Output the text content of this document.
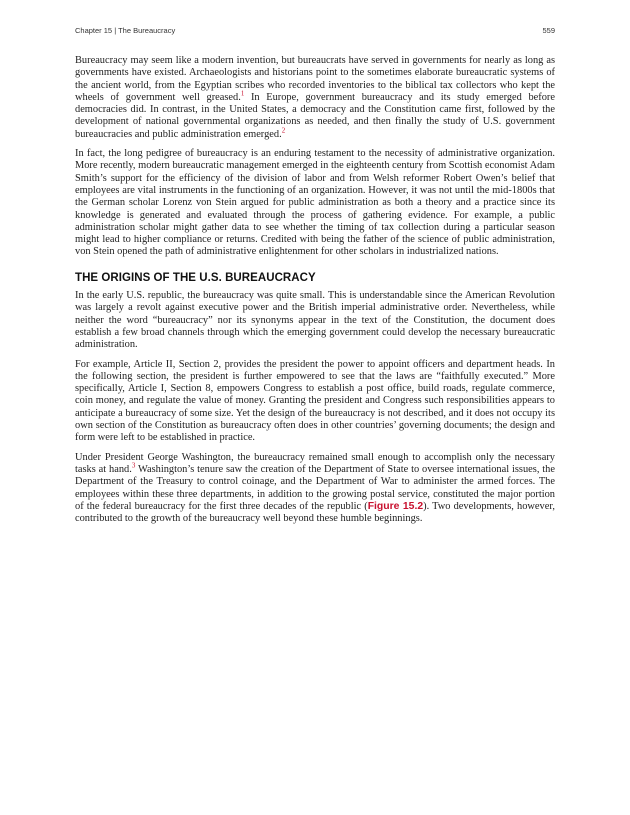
Chapter 15 | The Bureaucracy	559

Bureaucracy may seem like a modern invention, but bureaucrats have served in governments for nearly as long as governments have existed. Archaeologists and historians point to the sometimes elaborate bureaucratic systems of the ancient world, from the Egyptian scribes who recorded inventories to the biblical tax collectors who kept the wheels of government well greased.$^1$ In Europe, government bureaucracy and its study emerged before democracies did. In contrast, in the United States, a democracy and the Constitution came first, followed by the development of national governmental organizations as needed, and then finally the study of U.S. government bureaucracies and public administration emerged.$^2$

In fact, the long pedigree of bureaucracy is an enduring testament to the necessity of administrative organization. More recently, modern bureaucratic management emerged in the eighteenth century from Scottish economist Adam Smith’s support for the efficiency of the division of labor and from Welsh reformer Robert Owen’s belief that employees are vital instruments in the functioning of an organization. However, it was not until the mid-1800s that the German scholar Lorenz von Stein argued for public administration as both a theory and a practice since its knowledge is generated and evaluated through the process of gathering evidence. For example, a public administration scholar might gather data to see whether the timing of tax collection during a particular season might lead to higher compliance or returns. Credited with being the father of the science of public administration, von Stein opened the path of administrative enlightenment for other scholars in industrialized nations.

THE ORIGINS OF THE U.S. BUREAUCRACY

In the early U.S. republic, the bureaucracy was quite small. This is understandable since the American Revolution was largely a revolt against executive power and the British imperial administrative order. Nevertheless, while neither the word “bureaucracy” nor its synonyms appear in the text of the Constitution, the document does establish a few broad channels through which the emerging government could develop the necessary bureaucratic administration.

For example, Article II, Section 2, provides the president the power to appoint officers and department heads. In the following section, the president is further empowered to see that the laws are “faithfully executed.” More specifically, Article I, Section 8, empowers Congress to establish a post office, build roads, regulate commerce, coin money, and regulate the value of money. Granting the president and Congress such responsibilities appears to anticipate a bureaucracy of some size. Yet the design of the bureaucracy is not described, and it does not occupy its own section of the Constitution as bureaucracy often does in other countries’ governing documents; the design and form were left to be established in practice.

Under President George Washington, the bureaucracy remained small enough to accomplish only the necessary tasks at hand.$^3$ Washington’s tenure saw the creation of the Department of State to oversee international issues, the Department of the Treasury to control coinage, and the Department of War to administer the armed forces. The employees within these three departments, in addition to the growing postal service, constituted the major portion of the federal bureaucracy for the first three decades of the republic (Figure 15.2). Two developments, however, contributed to the growth of the bureaucracy well beyond these humble beginnings.
